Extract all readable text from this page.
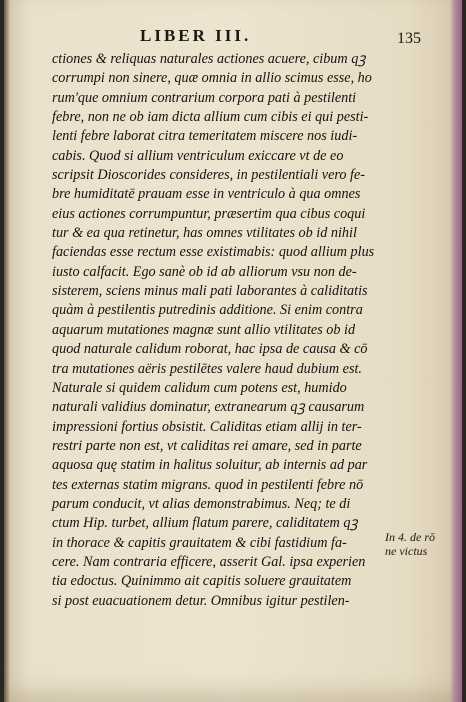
LIBER III.	135
ctiones & reliquas naturales actiones acuere, cibum qꝫ
corrumpi non sinere, quæ omnia in allio scimus esse, ho
rum'que omnium contrarium corpora pati à pestilenti
febre, non ne ob iam dicta allium cum cibis ei qui pesti-
lenti febre laborat citra temeritatem miscere nos iudi-
cabis. Quod si allium ventriculum exiccare vt de eo
scripsit Dioscorides consideres, in pestilentiali vero fe-
bre humiditatē prauam esse in ventriculo à qua omnes
eius actiones corrumpuntur, præsertim qua cibus coqui
tur & ea qua retinetur, has omnes vtilitates ob id nihil
faciendas esse rectum esse existimabis: quod allium plus
iusto calfacit. Ego sanè ob id ab alliorum vsu non de-
sisterem, sciens minus mali pati laborantes à caliditatis
quàm à pestilentis putredinis additione. Si enim contra
aquarum mutationes magnæ sunt allio vtilitates ob id
quod naturale calidum roborat, hac ipsa de causa & cō
tra mutationes aëris pestilētes valere haud dubium est.
Naturale si quidem calidum cum potens est, humido
naturali validius dominatur, extranearum qꝫ causarum
impressioni fortius obsistit. Caliditas etiam allij in ter-
restri parte non est, vt caliditas rei amare, sed in parte
aquosa quę statim in halitus soluitur, ab internis ad par
tes externas statim migrans. quod in pestilenti febre nō
parum conducit, vt alias demonstrabimus. Neq; te di
ctum Hip. turbet, allium flatum parere, caliditatem qꝫ
in thorace & capitis grauitatem & cibi fastidium fa-
cere. Nam contraria efficere, asserit Gal. ipsa experien
tia edoctus. Quinimmo ait capitis soluere grauitatem
si post euacuationem detur. Omnibus igitur pestilen-
In 4. de rō
ne victus
